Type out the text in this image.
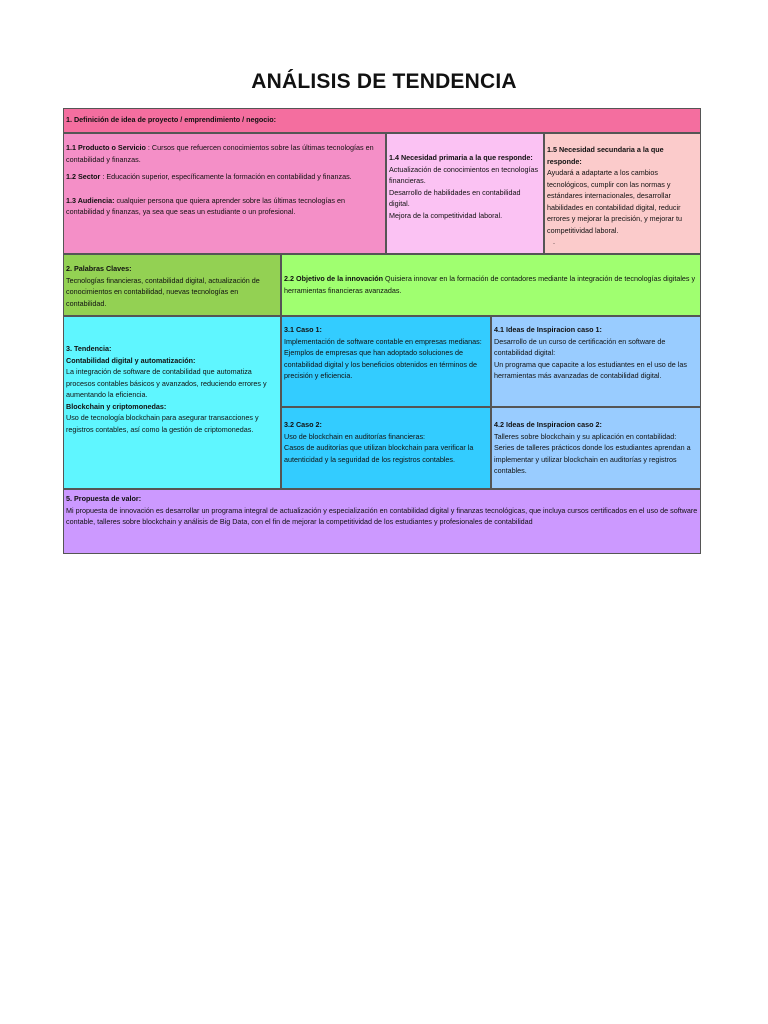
ANÁLISIS DE TENDENCIA
1. Definición de idea de proyecto / emprendimiento / negocio:

1.1 Producto o Servicio : Cursos que refuercen conocimientos sobre las últimas tecnologías en contabilidad y finanzas.

1.2 Sector : Educación superior, específicamente la formación en contabilidad y finanzas.

1.3 Audiencia: cualquier persona que quiera aprender sobre las últimas tecnologías en contabilidad y finanzas, ya sea que seas un estudiante o un profesional.

1.4 Necesidad primaria a la que responde:

Actualización de conocimientos en tecnologías financieras.

Desarrollo de habilidades en contabilidad digital.

Mejora de la competitividad laboral.

1.5 Necesidad secundaria a la que responde:

Ayudará a adaptarte a los cambios tecnológicos, cumplir con las normas y estándares internacionales, desarrollar habilidades en contabilidad digital, reducir errores y mejorar la precisión, y mejorar tu competitividad laboral.

.

2. Palabras Claves:

Tecnologías financieras, contabilidad digital, actualización de conocimientos en contabilidad, nuevas tecnologías en contabilidad.

2.2 Objetivo de la innovación Quisiera innovar en la formación de contadores mediante la integración de tecnologías digitales y herramientas financieras avanzadas.

3. Tendencia:

Contabilidad digital y automatización:

La integración de software de contabilidad que automatiza procesos contables básicos y avanzados, reduciendo errores y aumentando la eficiencia.

Blockchain y criptomonedas:

Uso de tecnología blockchain para asegurar transacciones y registros contables, así como la gestión de criptomonedas.

3.1 Caso 1:

Implementación de software contable en empresas medianas:

Ejemplos de empresas que han adoptado soluciones de contabilidad digital y los beneficios obtenidos en términos de precisión y eficiencia.

4.1 Ideas de Inspiracion caso 1:

Desarrollo de un curso de certificación en software de contabilidad digital:

Un programa que capacite a los estudiantes en el uso de las herramientas más avanzadas de contabilidad digital.

3.2 Caso 2:

Uso de blockchain en auditorías financieras:

Casos de auditorías que utilizan blockchain para verificar la autenticidad y la seguridad de los registros contables.

4.2 Ideas de Inspiracion caso 2:

Talleres sobre blockchain y su aplicación en contabilidad:

Series de talleres prácticos donde los estudiantes aprendan a implementar y utilizar blockchain en auditorías y registros contables.

5. Propuesta de valor:

Mi propuesta de innovación es desarrollar un programa integral de actualización y especialización en contabilidad digital y finanzas tecnológicas, que incluya cursos certificados en el uso de software contable, talleres sobre blockchain y análisis de Big Data, con el fin de mejorar la competitividad de los estudiantes y profesionales de contabilidad
